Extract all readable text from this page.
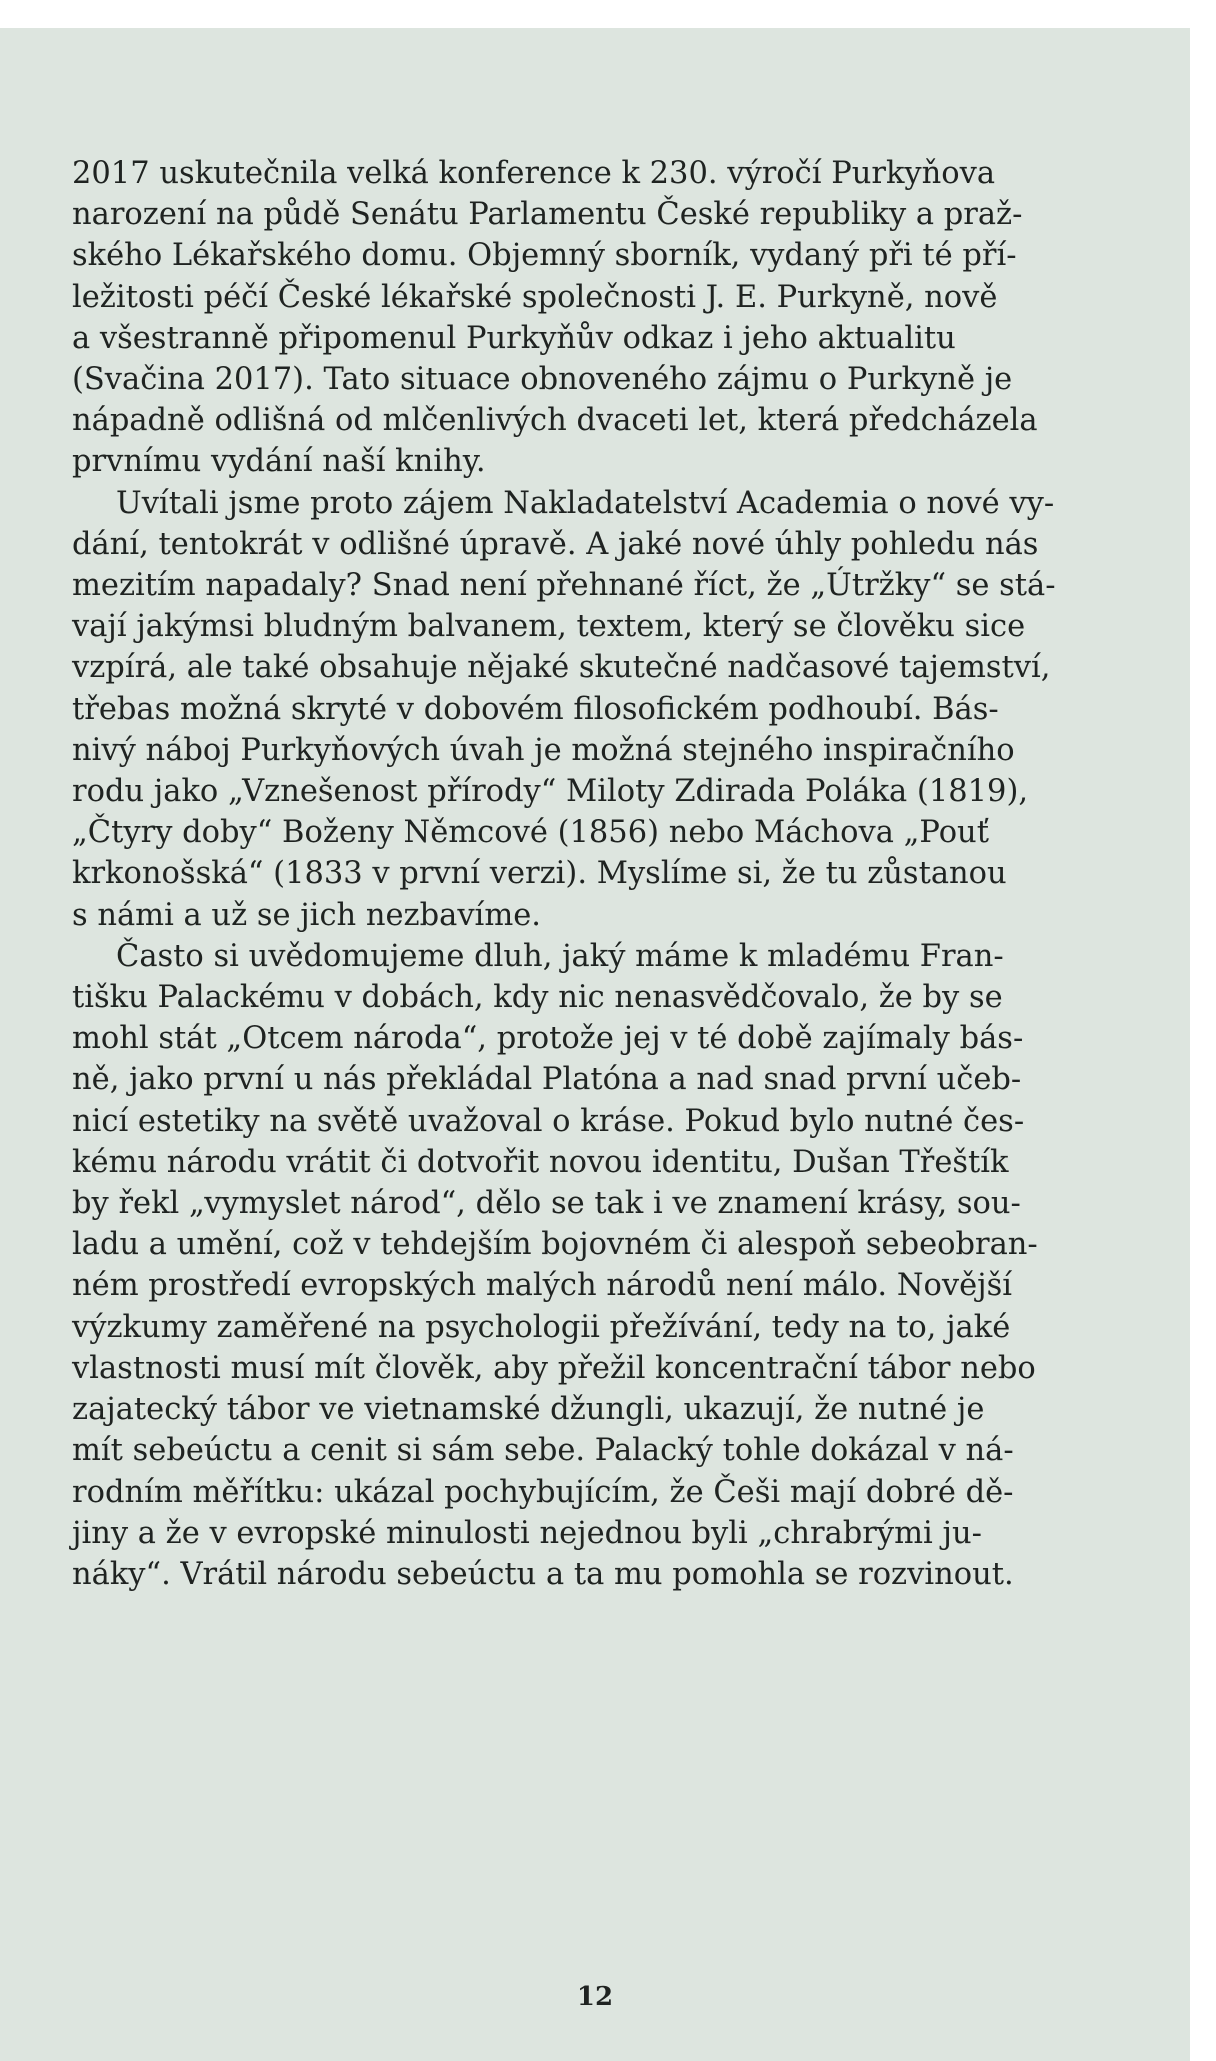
2017 uskutečnila velká konference k 230. výročí Purkyňova
narození na půdě Senátu Parlamentu České republiky a praž-
ského Lékařského domu. Objemný sborník, vydaný při té pří-
ležitosti péčí České lékařské společnosti J. E. Purkyně, nově
a všestranně připomenul Purkyňův odkaz i jeho aktualitu
(Svačina 2017). Tato situace obnoveného zájmu o Purkyně je
nápadně odlišná od mlčenlivých dvaceti let, která předcházela
prvnímu vydání naší knihy.
Uvítali jsme proto zájem Nakladatelství Academia o nové vy-
dání, tentokrát v odlišné úpravě. A jaké nové úhly pohledu nás
mezitím napadaly? Snad není přehnané říct, že „Útržky“ se stá-
vají jakýmsi bludným balvanem, textem, který se člověku sice
vzpírá, ale také obsahuje nějaké skutečné nadčasové tajemství,
třebas možná skryté v dobovém filosofickém podhoubí. Bás-
nivý náboj Purkyňových úvah je možná stejného inspiračního
rodu jako „Vznešenost přírody“ Miloty Zdirada Poláka (1819),
„Čtyry doby“ Boženy Němcové (1856) nebo Máchova „Pouť
krkonošská“ (1833 v první verzi). Myslíme si, že tu zůstanou
s námi a už se jich nezbavíme.
Často si uvědomujeme dluh, jaký máme k mladému Fran-
tišku Palackému v dobách, kdy nic nenasvědčovalo, že by se
mohl stát „Otcem národa“, protože jej v té době zajímaly bás-
ně, jako první u nás překládal Platóna a nad snad první učeb-
nicí estetiky na světě uvažoval o kráse. Pokud bylo nutné čes-
kému národu vrátit či dotvořit novou identitu, Dušan Třeštík
by řekl „vymyslet národ“, dělo se tak i ve znamení krásy, sou-
ladu a umění, což v tehdejším bojovném či alespoň sebeobran-
ném prostředí evropských malých národů není málo. Novější
výzkumy zaměřené na psychologii přežívání, tedy na to, jaké
vlastnosti musí mít člověk, aby přežil koncentrační tábor nebo
zajatecký tábor ve vietnamské džungli, ukazují, že nutné je
mít sebeúctu a cenit si sám sebe. Palacký tohle dokázal v ná-
rodním měřítku: ukázal pochybujícím, že Češi mají dobré dě-
jiny a že v evropské minulosti nejednou byli „chrabrými ju-
náky“. Vrátil národu sebeúctu a ta mu pomohla se rozvinout.
12
